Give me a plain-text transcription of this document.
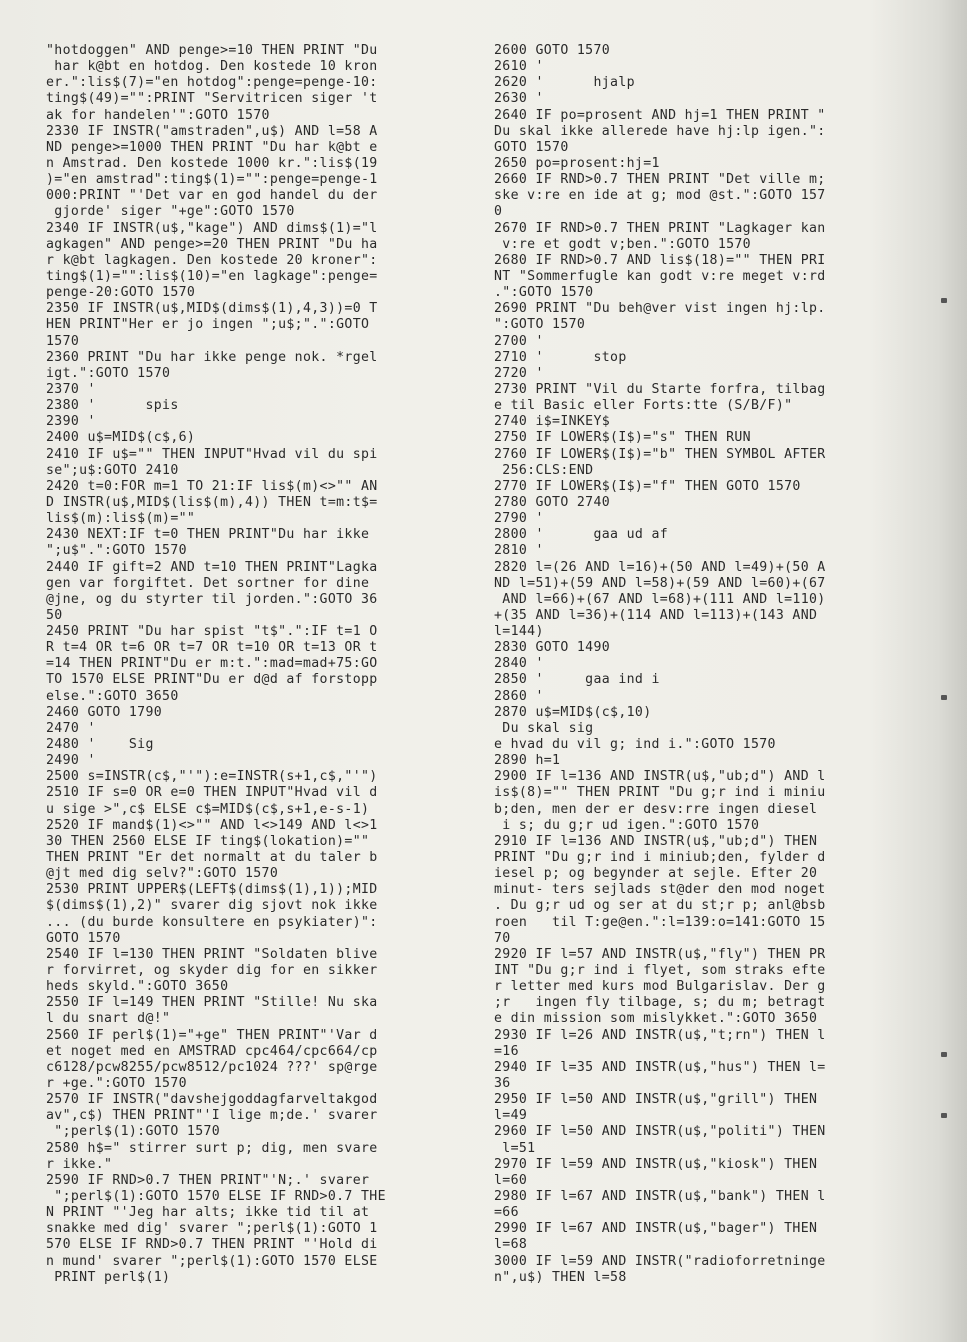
"hotdoggen" AND penge>=10 THEN PRINT "Du
har k@bt en hotdog. Den kostede 10 kron
er.":lis$(7)="en hotdog":penge=penge-10:
ting$(49)="":PRINT "Servitricen siger 't
ak for handelen'":GOTO 1570
2330 IF INSTR("amstraden",u$) AND l=58 A
ND penge>=1000 THEN PRINT "Du har k@bt e
n Amstrad. Den kostede 1000 kr.":lis$(19
)="en amstrad":ting$(1)="":penge=penge-1
000:PRINT "'Det var en god handel du der
gjorde' siger "+ge":GOTO 1570
2340 IF INSTR(u$,"kage") AND dims$(1)="l
agkagen" AND penge>=20 THEN PRINT "Du ha
r k@bt lagkagen. Den kostede 20 kroner":
ting$(1)="":lis$(10)="en lagkage":penge=
penge-20:GOTO 1570
2350 IF INSTR(u$,MID$(dims$(1),4,3))=0 T
HEN PRINT"Her er jo ingen ";u$;".":GOTO
1570
2360 PRINT "Du har ikke penge nok. *rgel
igt.":GOTO 1570
2370 '
2380 '      spis
2390 '
2400 u$=MID$(c$,6)
2410 IF u$="" THEN INPUT"Hvad vil du spi
se";u$:GOTO 2410
2420 t=0:FOR m=1 TO 21:IF lis$(m)<>"" AN
D INSTR(u$,MID$(lis$(m),4)) THEN t=m:t$=
lis$(m):lis$(m)=""
2430 NEXT:IF t=0 THEN PRINT"Du har ikke
";u$".":GOTO 1570
2440 IF gift=2 AND t=10 THEN PRINT"Lagka
gen var forgiftet. Det sortner for dine
@jne, og du styrter til jorden.":GOTO 36
50
2450 PRINT "Du har spist "t$".":IF t=1 O
R t=4 OR t=6 OR t=7 OR t=10 OR t=13 OR t
=14 THEN PRINT"Du er m:t.":mad=mad+75:GO
TO 1570 ELSE PRINT"Du er d@d af forstopp
else.":GOTO 3650
2460 GOTO 1790
2470 '
2480 '    Sig
2490 '
2500 s=INSTR(c$,"'"):e=INSTR(s+1,c$,"'")
2510 IF s=0 OR e=0 THEN INPUT"Hvad vil d
u sige >",c$ ELSE c$=MID$(c$,s+1,e-s-1)
2520 IF mand$(1)<>"" AND l<>149 AND l<>1
30 THEN 2560 ELSE IF ting$(lokation)=""
THEN PRINT "Er det normalt at du taler b
@jt med dig selv?":GOTO 1570
2530 PRINT UPPER$(LEFT$(dims$(1),1));MID
$(dims$(1),2)" svarer dig sjovt nok ikke
... (du burde konsultere en psykiater)":
GOTO 1570
2540 IF l=130 THEN PRINT "Soldaten blive
r forvirret, og skyder dig for en sikker
heds skyld.":GOTO 3650
2550 IF l=149 THEN PRINT "Stille! Nu ska
l du snart d@!"
2560 IF perl$(1)="+ge" THEN PRINT"'Var d
et noget med en AMSTRAD cpc464/cpc664/cp
c6128/pcw8255/pcw8512/pc1024 ???' sp@rge
r +ge.":GOTO 1570
2570 IF INSTR("davshejgoddagfarveltakgod
av",c$) THEN PRINT"'I lige m;de.' svarer
";perl$(1):GOTO 1570
2580 h$=" stirrer surt p; dig, men svare
r ikke."
2590 IF RND>0.7 THEN PRINT"'N;.' svarer
";perl$(1):GOTO 1570 ELSE IF RND>0.7 THE
N PRINT "'Jeg har alts; ikke tid til at
snakke med dig' svarer ";perl$(1):GOTO 1
570 ELSE IF RND>0.7 THEN PRINT "'Hold di
n mund' svarer ";perl$(1):GOTO 1570 ELSE
PRINT perl$(1)
2600 GOTO 1570
2610 '
2620 '      hjalp
2630 '
2640 IF po=prosent AND hj=1 THEN PRINT "
Du skal ikke allerede have hj:lp igen.":
GOTO 1570
2650 po=prosent:hj=1
2660 IF RND>0.7 THEN PRINT "Det ville m;
ske v:re en ide at g; mod @st.":GOTO 157
0
2670 IF RND>0.7 THEN PRINT "Lagkager kan
v:re et godt v;ben.":GOTO 1570
2680 IF RND>0.7 AND lis$(18)="" THEN PRI
NT "Sommerfugle kan godt v:re meget v:rd
.":GOTO 1570
2690 PRINT "Du beh@ver vist ingen hj:lp.
":GOTO 1570
2700 '
2710 '      stop
2720 '
2730 PRINT "Vil du Starte forfra, tilbag
e til Basic eller Forts:tte (S/B/F)"
2740 i$=INKEY$
2750 IF LOWER$(I$)="s" THEN RUN
2760 IF LOWER$(I$)="b" THEN SYMBOL AFTER
256:CLS:END
2770 IF LOWER$(I$)="f" THEN GOTO 1570
2780 GOTO 2740
2790 '
2800 '      gaa ud af
2810 '
2820 l=(26 AND l=16)+(50 AND l=49)+(50 A
ND l=51)+(59 AND l=58)+(59 AND l=60)+(67
AND l=66)+(67 AND l=68)+(111 AND l=110)
+(35 AND l=36)+(114 AND l=113)+(143 AND
l=144)
2830 GOTO 1490
2840 '
2850 '     gaa ind i
2860 '
2870 u$=MID$(c$,10)
Du skal sig
e hvad du vil g; ind i.":GOTO 1570
2890 h=1
2900 IF l=136 AND INSTR(u$,"ub;d") AND l
is$(8)="" THEN PRINT "Du g;r ind i miniu
b;den, men der er desv:rre ingen diesel
i s; du g;r ud igen.":GOTO 1570
2910 IF l=136 AND INSTR(u$,"ub;d") THEN
PRINT "Du g;r ind i miniub;den, fylder d
iesel p; og begynder at sejle. Efter 20
minut- ters sejlads st@der den mod noget
. Du g;r ud og ser at du st;r p; anl@bsb
roen   til T:ge@en.":l=139:o=141:GOTO 15
70
2920 IF l=57 AND INSTR(u$,"fly") THEN PR
INT "Du g;r ind i flyet, som straks efte
r letter med kurs mod Bulgarislav. Der g
;r   ingen fly tilbage, s; du m; betragt
e din mission som mislykket.":GOTO 3650
2930 IF l=26 AND INSTR(u$,"t;rn") THEN l
=16
2940 IF l=35 AND INSTR(u$,"hus") THEN l=
36
2950 IF l=50 AND INSTR(u$,"grill") THEN
l=49
2960 IF l=50 AND INSTR(u$,"politi") THEN
l=51
2970 IF l=59 AND INSTR(u$,"kiosk") THEN
l=60
2980 IF l=67 AND INSTR(u$,"bank") THEN l
=66
2990 IF l=67 AND INSTR(u$,"bager") THEN
l=68
3000 IF l=59 AND INSTR("radioforretninge
n",u$) THEN l=58
